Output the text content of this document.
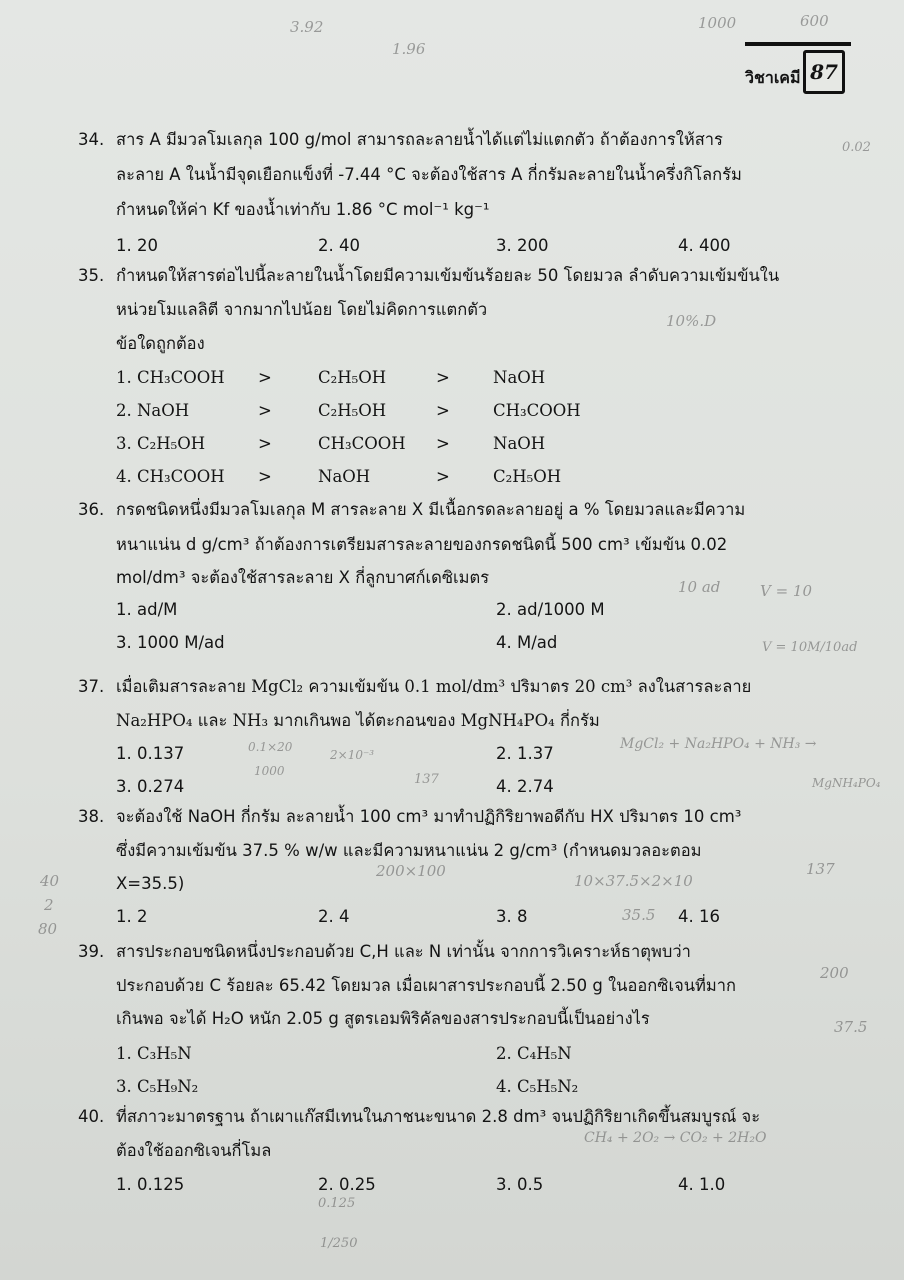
วิชาเคมี 87
34. สาร A มีมวลโมเลกุล 100 g/mol สามารถละลายน้ำได้แต่ไม่แตกตัว ถ้าต้องการให้สาร
ละลาย A ในน้ำมีจุดเยือกแข็งที่ -7.44 °C จะต้องใช้สาร A กี่กรัมละลายในน้ำครึ่งกิโลกรัม
กำหนดให้ค่า Kf ของน้ำเท่ากับ 1.86 °C mol⁻¹ kg⁻¹
1. 20	2. 40	3. 200	4. 400
35. กำหนดให้สารต่อไปนี้ละลายในน้ำโดยมีความเข้มข้นร้อยละ 50 โดยมวล ลำดับความเข้มข้นใน
หน่วยโมแลลิตี จากมากไปน้อย โดยไม่คิดการแตกตัว
ข้อใดถูกต้อง
1. CH₃COOH >	C₂H₅OH	>	NaOH
2. NaOH	>	C₂H₅OH	>	CH₃COOH
3. C₂H₅OH	>	CH₃COOH >	NaOH
4. CH₃COOH >	NaOH	>	C₂H₅OH
36. กรดชนิดหนึ่งมีมวลโมเลกุล M สารละลาย X มีเนื้อกรดละลายอยู่ a % โดยมวลและมีความ
หนาแน่น d g/cm³ ถ้าต้องการเตรียมสารละลายของกรดชนิดนี้ 500 cm³ เข้มข้น 0.02
mol/dm³ จะต้องใช้สารละลาย X กี่ลูกบาศก์เดซิเมตร
1. ad/M	2. ad/1000 M
3. 1000 M/ad	4. M/ad
37. เมื่อเติมสารละลาย MgCl₂ ความเข้มข้น 0.1 mol/dm³ ปริมาตร 20 cm³ ลงในสารละลาย
Na₂HPO₄ และ NH₃ มากเกินพอ ได้ตะกอนของ MgNH₄PO₄ กี่กรัม
1. 0.137	2. 1.37
3. 0.274	4. 2.74
38. จะต้องใช้ NaOH กี่กรัม ละลายน้ำ 100 cm³ มาทำปฏิกิริยาพอดีกับ HX ปริมาตร 10 cm³
ซึ่งมีความเข้มข้น 37.5 % w/w และมีความหนาแน่น 2 g/cm³ (กำหนดมวลอะตอม
X=35.5)
1. 2	2. 4	3. 8	4. 16
39. สารประกอบชนิดหนึ่งประกอบด้วย C,H และ N เท่านั้น จากการวิเคราะห์ธาตุพบว่า
ประกอบด้วย C ร้อยละ 65.42 โดยมวล เมื่อเผาสารประกอบนี้ 2.50 g ในออกซิเจนที่มาก
เกินพอ จะได้ H₂O หนัก 2.05 g สูตรเอมพิริคัลของสารประกอบนี้เป็นอย่างไร
1. C₃H₅N	2. C₄H₅N
3. C₅H₉N₂	4. C₅H₅N₂
40. ที่สภาวะมาตรฐาน ถ้าเผาแก๊สมีเทนในภาชนะขนาด 2.8 dm³ จนปฏิกิริยาเกิดขึ้นสมบูรณ์ จะ
ต้องใช้ออกซิเจนกี่โมล
1. 0.125	2. 0.25	3. 0.5	4. 1.0
3.92
1.96
1000	600
0.02
10%.D
10 ad	V = 10
V = 10M/10ad
MgCl₂ + Na₂HPO₄ + NH₃ →
MgNH₄PO₄
0.1×20
1000
2×10⁻³
137
200×100
10×37.5×2×10
35.5
137
200
37.5
CH₄ + 2O₂ → CO₂ + 2H₂O
0.125
1/250
40
2
80
